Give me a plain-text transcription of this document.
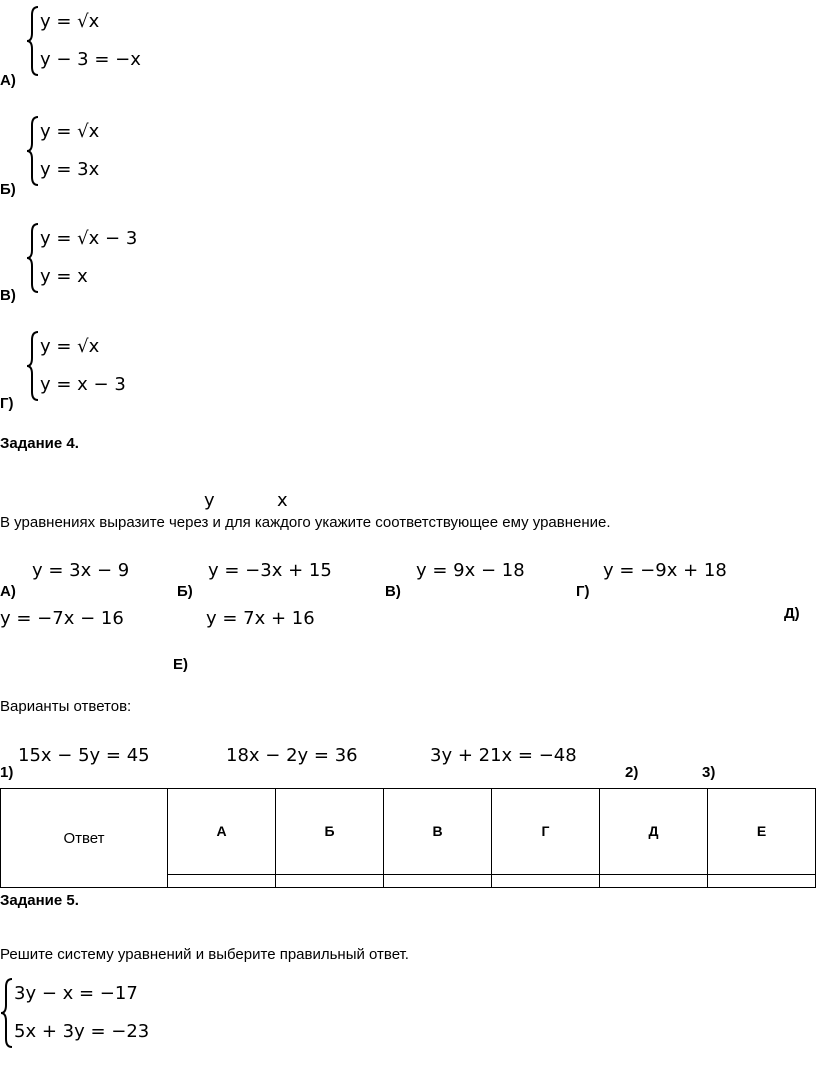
А)
y = √x
y − 3 = −x
Б)
y = √x
y = 3x
В)
y = √x − 3
y = x
Г)
y = √x
y = x − 3
Задание 4.
y	x
В уравнениях выразите через и для каждого укажите соответствующее ему уравнение.
А)
y = 3x − 9
Б)
y = −3x + 15
В)
y = 9x − 18
Г)
y = −9x + 18
y = −7x − 16	y = 7x + 16	Д)
Е)
Варианты ответов:
15x − 5y = 45	18x − 2y = 36	3y + 21x = −48
1)	2)	3)
Ответ	А	Б	В	Г	Д	Е

Задание 5.
Решите систему уравнений и выберите правильный ответ.
3y − x = −17
5x + 3y = −23
